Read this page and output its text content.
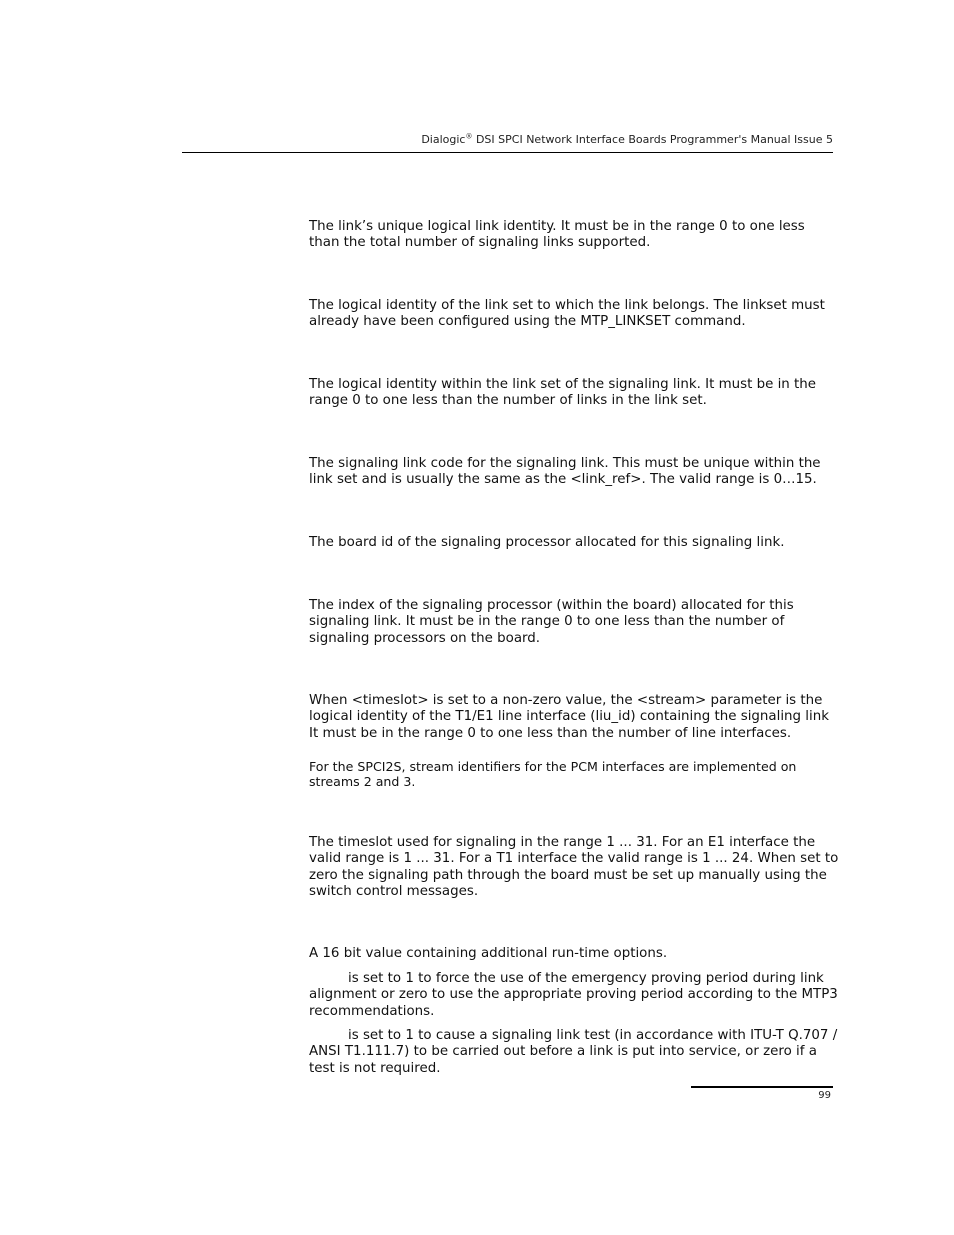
Dialogic® DSI SPCI Network Interface Boards Programmer's Manual Issue 5

The link’s unique logical link identity. It must be in the range 0 to one less than the total number of signaling links supported.

The logical identity of the link set to which the link belongs. The linkset must already have been configured using the MTP_LINKSET command.

The logical identity within the link set of the signaling link. It must be in the range 0 to one less than the number of links in the link set.

The signaling link code for the signaling link. This must be unique within the link set and is usually the same as the <link_ref>. The valid range is 0…15.

The board id of the signaling processor allocated for this signaling link.

The index of the signaling processor (within the board) allocated for this signaling link. It must be in the range 0 to one less than the number of signaling processors on the board.

When <timeslot> is set to a non-zero value, the <stream> parameter is the logical identity of the T1/E1 line interface (liu_id) containing the signaling link It must be in the range 0 to one less than the number of line interfaces.

For the SPCI2S, stream identifiers for the PCM interfaces are implemented on streams 2 and 3.

The timeslot used for signaling in the range 1 ... 31. For an E1 interface the valid range is 1 ... 31. For a T1 interface the valid range is 1 ... 24. When set to zero the signaling path through the board must be set up manually using the switch control messages.

A 16 bit value containing additional run-time options.

is set to 1 to force the use of the emergency proving period during link alignment or zero to use the appropriate proving period according to the MTP3 recommendations.

is set to 1 to cause a signaling link test (in accordance with ITU-T Q.707 / ANSI T1.111.7) to be carried out before a link is put into service, or zero if a test is not required.

99
